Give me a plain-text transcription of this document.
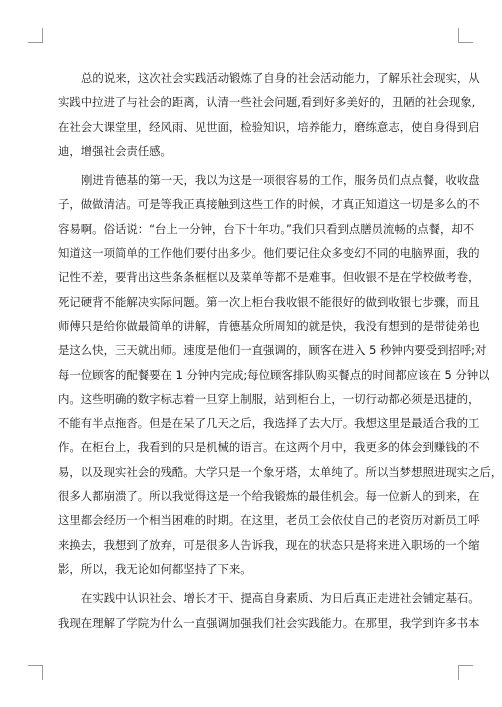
总的说来，这次社会实践活动锻炼了自身的社会活动能力，了解乐社会现实，从
实践中拉进了与社会的距离，认清一些社会问题,看到好多美好的，丑陋的社会现象,
在社会大课堂里，经风雨、见世面，检验知识，培养能力，磨练意志，使自身得到启
迪，增强社会责任感。
刚进肯德基的第一天，我以为这是一项很容易的工作，服务员们点点餐，收收盘
子，做做清洁。可是等我正真接触到这些工作的时候，才真正知道这一切是多么的不
容易啊。俗话说：“台上一分钟，台下十年功。”我们只看到点膳员流畅的点餐，却不
知道这一项简单的工作他们要付出多少。他们要记住众多变幻不同的电脑界面，我的
记性不差，要背出这些条条框框以及菜单等都不是难事。但收银不是在学校做考卷，
死记硬背不能解决实际问题。第一次上柜台我收银不能很好的做到收银七步骤，而且
师傅只是给你做最简单的讲解，肯德基众所周知的就是快，我没有想到的是带徒弟也
是这么快，三天就出师。速度是他们一直强调的，顾客在进入 5 秒钟内要受到招呼;对
每一位顾客的配餐要在 1 分钟内完成;每位顾客排队购买餐点的时间都应该在 5 分钟以
内。这些明确的数字标志着一旦穿上制服，站到柜台上，一切行动都必须是迅捷的，
不能有半点拖沓。但是在呆了几天之后，我选择了去大厅。我想这里是最适合我的工
作。在柜台上，我看到的只是机械的语言。在这两个月中，我更多的体会到赚钱的不
易，以及现实社会的残酷。大学只是一个象牙塔，太单纯了。所以当梦想照进现实之后，
很多人都崩溃了。所以我觉得这是一个给我锻炼的最佳机会。每一位新人的到来，在
这里都会经历一个相当困难的时期。在这里，老员工会依仗自己的老资历对新员工呼
来换去，我想到了放弃，可是很多人告诉我，现在的状态只是将来进入职场的一个缩
影，所以，我无论如何都坚持了下来。
在实践中认识社会、增长才干、提高自身素质、为日后真正走进社会铺定基石。
我现在理解了学院为什么一直强调加强我们社会实践能力。在那里，我学到许多书本
